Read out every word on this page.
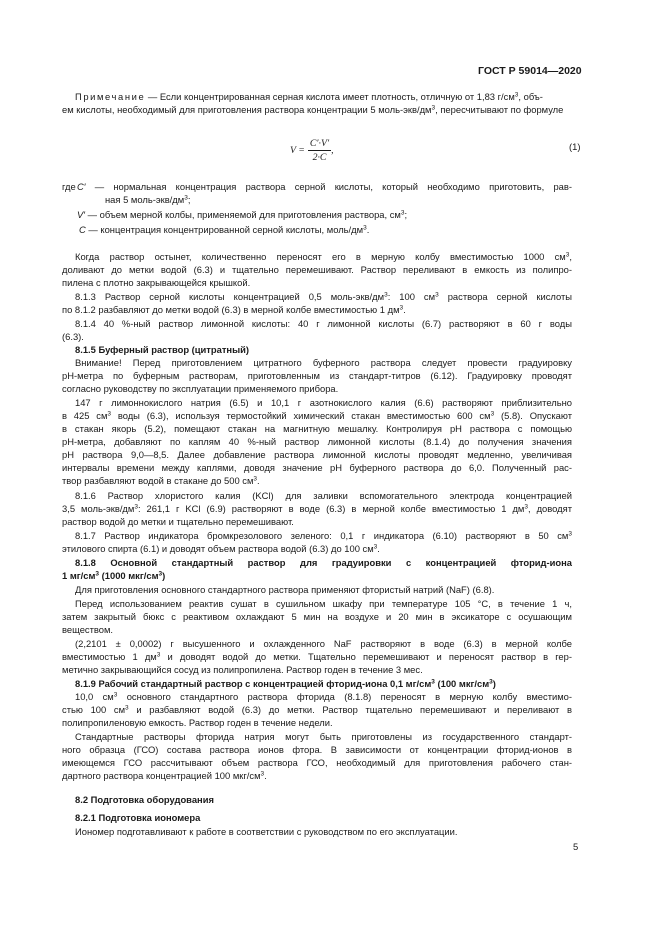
ГОСТ Р 59014—2020
Примечание — Если концентрированная серная кислота имеет плотность, отличную от 1,83 $г/см^3$, объ-
ем кислоты, необходимый для приготовления раствора концентрации 5 моль-$экв/дм^3$, пересчитывают по формуле
$V = \frac{C'\cdot V'}{2\cdot C}$ ,	(1)
где C′ — нормальная концентрация раствора серной кислоты, который необходимо приготовить, рав-
ная 5 моль-$экв/дм^3$;
V′ — объем мерной колбы, применяемой для приготовления раствора, $см^3$;
C — концентрация концентрированной серной кислоты, моль/$дм^3$.
Когда раствор остынет, количественно переносят его в мерную колбу вместимостью 1000 $см^3$,
доливают до метки водой (6.3) и тщательно перемешивают. Раствор переливают в емкость из полипро-
пилена с плотно закрывающейся крышкой.
8.1.3 Раствор серной кислоты концентрацией 0,5 моль-$экв/дм^3$: 100 $см^3$ раствора серной кислоты
по 8.1.2 разбавляют до метки водой (6.3) в мерной колбе вместимостью 1 $дм^3$.
8.1.4 40 %-ный раствор лимонной кислоты: 40 г лимонной кислоты (6.7) растворяют в 60 г воды
(6.3).
8.1.5 Буферный раствор (цитратный)
Внимание! Перед приготовлением цитратного буферного раствора следует провести градуировку
pH-метра по буферным растворам, приготовленным из стандарт-титров (6.12). Градуировку проводят
согласно руководству по эксплуатации применяемого прибора.
147 г лимоннокислого натрия (6.5) и 10,1 г азотнокислого калия (6.6) растворяют приблизительно
в 425 $см^3$ воды (6.3), используя термостойкий химический стакан вместимостью 600 $см^3$ (5.8). Опускают
в стакан якорь (5.2), помещают стакан на магнитную мешалку. Контролируя pH раствора с помощью
pH-метра, добавляют по каплям 40 %-ный раствор лимонной кислоты (8.1.4) до получения значения
pH раствора 9,0—8,5. Далее добавление раствора лимонной кислоты проводят медленно, увеличивая
интервалы времени между каплями, доводя значение pH буферного раствора до 6,0. Полученный рас-
твор разбавляют водой в стакане до 500 $см^3$.
8.1.6 Раствор хлористого калия (KCl) для заливки вспомогательного электрода концентрацией
3,5 моль-$экв/дм^3$: 261,1 г KCl (6.9) растворяют в воде (6.3) в мерной колбе вместимостью 1 $дм^3$, доводят
раствор водой до метки и тщательно перемешивают.
8.1.7 Раствор индикатора бромкрезолового зеленого: 0,1 г индикатора (6.10) растворяют в 50 $см^3$
этилового спирта (6.1) и доводят объем раствора водой (6.3) до 100 $см^3$.
8.1.8 Основной стандартный раствор для градуировки с концентрацией фторид-иона
1 $мг/см^3$ (1000 мкг/$см^3$)
Для приготовления основного стандартного раствора применяют фтористый натрий (NaF) (6.8).
Перед использованием реактив сушат в сушильном шкафу при температуре 105 °С, в течение 1 ч,
затем закрытый бюкс с реактивом охлаждают 5 мин на воздухе и 20 мин в эксикаторе с осушающим
веществом.
(2,2101 ± 0,0002) г высушенного и охлажденного NaF растворяют в воде (6.3) в мерной колбе
вместимостью 1 $дм^3$ и доводят водой до метки. Тщательно перемешивают и переносят раствор в гер-
метично закрывающийся сосуд из полипропилена. Раствор годен в течение 3 мес.
8.1.9 Рабочий стандартный раствор с концентрацией фторид-иона 0,1 $мг/см^3$ (100 мкг/$см^3$)
10,0 $см^3$ основного стандартного раствора фторида (8.1.8) переносят в мерную колбу вместимо-
стью 100 $см^3$ и разбавляют водой (6.3) до метки. Раствор тщательно перемешивают и переливают в
полипропиленовую емкость. Раствор годен в течение недели.
Стандартные растворы фторида натрия могут быть приготовлены из государственного стандарт-
ного образца (ГСО) состава раствора ионов фтора. В зависимости от концентрации фторид-ионов в
имеющемся ГСО рассчитывают объем раствора ГСО, необходимый для приготовления рабочего стан-
дартного раствора концентрацией 100 мкг/$см^3$.
8.2 Подготовка оборудования
8.2.1 Подготовка иономера
Иономер подготавливают к работе в соответствии с руководством по его эксплуатации.
5
